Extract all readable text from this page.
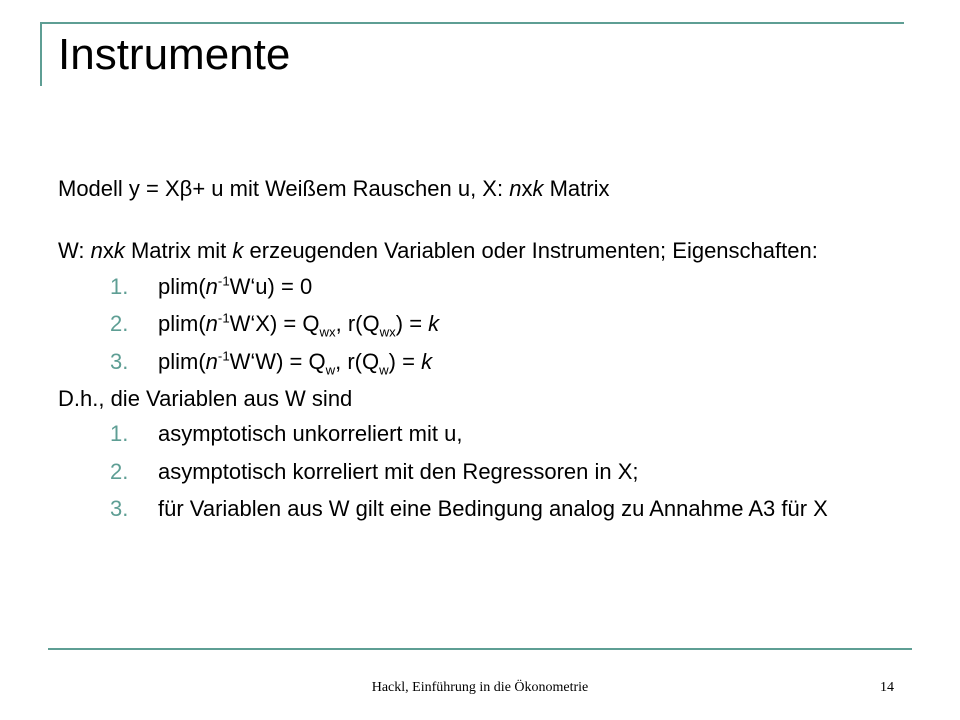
Instrumente

Modell y = Xβ+ u mit Weißem Rauschen u, X: nxk Matrix

W: nxk Matrix mit k erzeugenden Variablen oder Instrumenten; Eigenschaften:

1. $plim(n^{-1}W‘u) = 0$
2. $plim(n^{-1}W‘X) = Q_{wx}$, $r(Q_{wx}) = k$
3. $plim(n^{-1}W‘W) = Q_w$, $r(Q_w) = k$

D.h., die Variablen aus W sind

1. asymptotisch unkorreliert mit u,
2. asymptotisch korreliert mit den Regressoren in X;
3. für Variablen aus W gilt eine Bedingung analog zu Annahme A3 für X
Hackl, Einführung in die Ökonometrie	14
